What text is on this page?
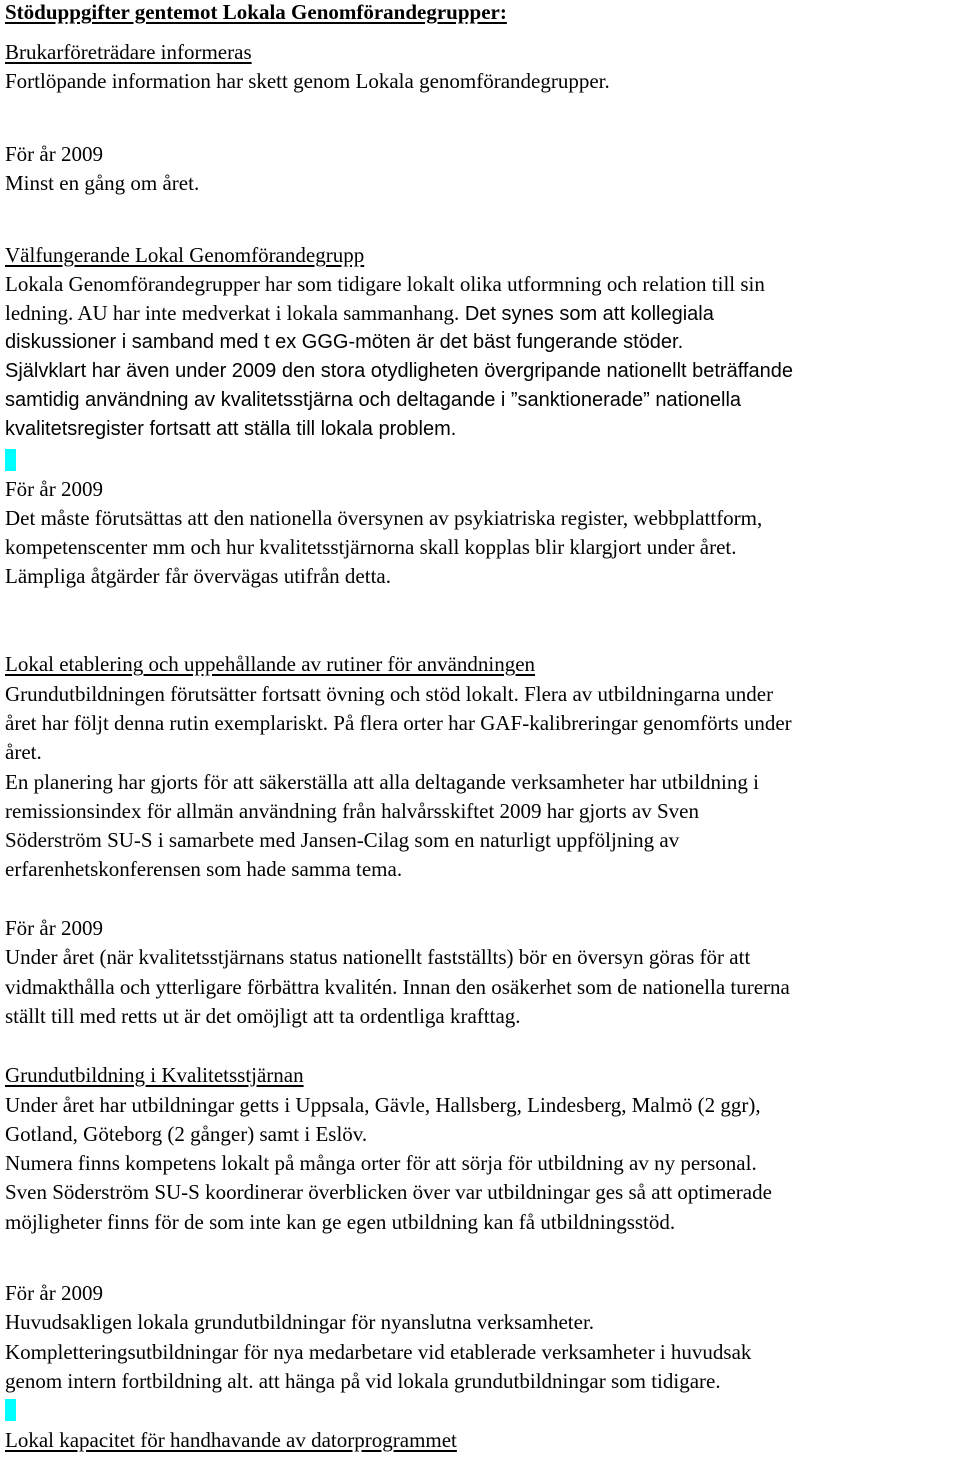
Stöduppgifter gentemot Lokala Genomförandegrupper:
Brukarföreträdare informeras
Fortlöpande information har skett genom Lokala genomförandegrupper.
För år 2009
Minst en gång om året.
Välfungerande Lokal Genomförandegrupp
Lokala Genomförandegrupper har som tidigare lokalt olika utformning och relation till sin
ledning. AU har inte medverkat i lokala sammanhang. Det synes som att kollegiala
diskussioner i samband med t ex GGG-möten är det bäst fungerande stöder.
Självklart har även under 2009 den stora otydligheten övergripande nationellt beträffande
samtidig användning av kvalitetsstjärna och deltagande i ”sanktionerade” nationella
kvalitetsregister fortsatt att ställa till lokala problem.
För år 2009
Det måste förutsättas att den nationella översynen av psykiatriska register, webbplattform,
kompetenscenter mm och hur kvalitetsstjärnorna skall kopplas blir klargjort under året.
Lämpliga åtgärder får övervägas utifrån detta.
Lokal etablering och uppehållande av rutiner för användningen
Grundutbildningen förutsätter fortsatt övning och stöd lokalt. Flera av utbildningarna under
året har följt denna rutin exemplariskt. På flera orter har GAF-kalibreringar genomförts under
året.
En planering har gjorts för att säkerställa att alla deltagande verksamheter har utbildning i
remissionsindex för allmän användning från halvårsskiftet 2009 har gjorts av Sven
Söderström SU-S i samarbete med Jansen-Cilag som en naturligt uppföljning av
erfarenhetskonferensen som hade samma tema.
För år 2009
Under året (när kvalitetsstjärnans status nationellt fastställts) bör en översyn göras för att
vidmakthålla och ytterligare förbättra kvalitén. Innan den osäkerhet som de nationella turerna
ställt till med retts ut är det omöjligt att ta ordentliga krafttag.
Grundutbildning i Kvalitetsstjärnan
Under året har utbildningar getts i Uppsala, Gävle, Hallsberg, Lindesberg, Malmö (2 ggr),
Gotland, Göteborg (2 gånger) samt i Eslöv.
Numera finns kompetens lokalt på många orter för att sörja för utbildning av ny personal.
Sven Söderström SU-S koordinerar överblicken över var utbildningar ges så att optimerade
möjligheter finns för de som inte kan ge egen utbildning kan få utbildningsstöd.
För år 2009
Huvudsakligen lokala grundutbildningar för nyanslutna verksamheter.
Kompletteringsutbildningar för nya medarbetare vid etablerade verksamheter i huvudsak
genom intern fortbildning alt. att hänga på vid lokala grundutbildningar som tidigare.
Lokal kapacitet för handhavande av datorprogrammet
